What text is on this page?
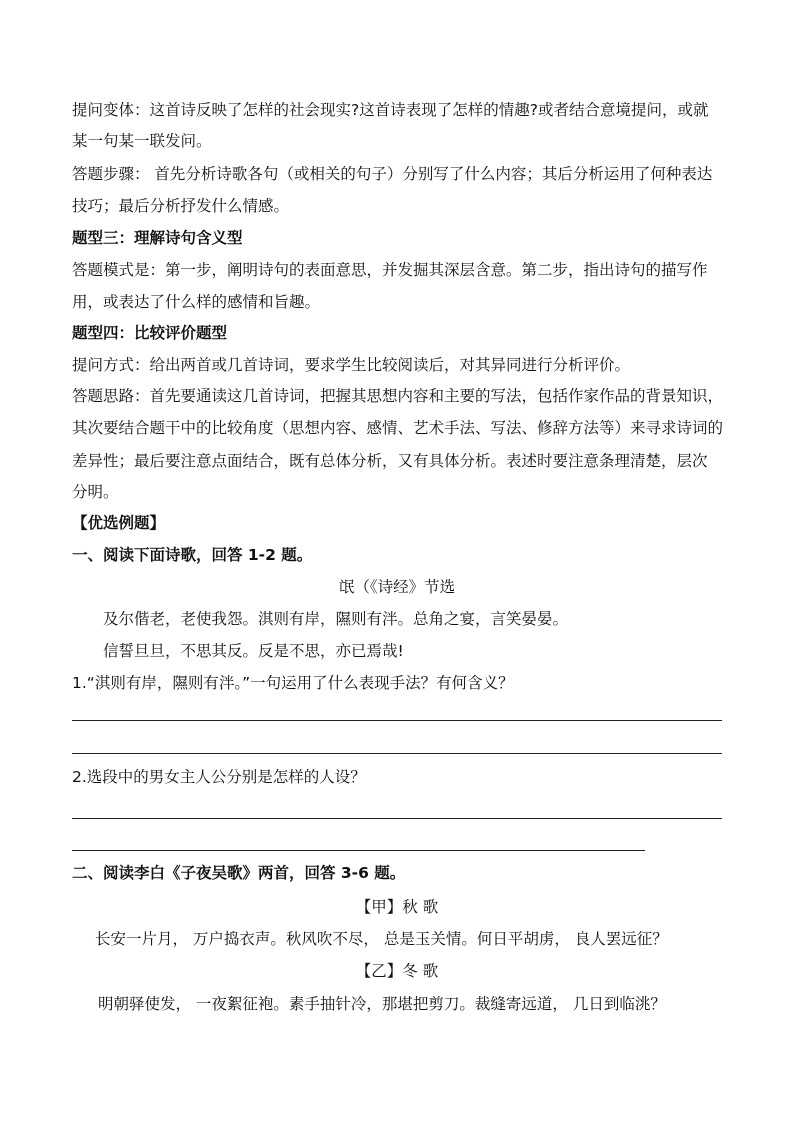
提问变体：这首诗反映了怎样的社会现实?这首诗表现了怎样的情趣?或者结合意境提问，或就
某一句某一联发问。
答题步骤： 首先分析诗歌各句（或相关的句子）分别写了什么内容；其后分析运用了何种表达
技巧；最后分析抒发什么情感。
题型三：理解诗句含义型
答题模式是：第一步，阐明诗句的表面意思，并发掘其深层含意。第二步，指出诗句的描写作
用，或表达了什么样的感情和旨趣。
题型四：比较评价题型
提问方式：给出两首或几首诗词，要求学生比较阅读后，对其异同进行分析评价。
答题思路：首先要通读这几首诗词，把握其思想内容和主要的写法，包括作家作品的背景知识，
其次要结合题干中的比较角度（思想内容、感情、艺术手法、写法、修辞方法等）来寻求诗词的
差异性；最后要注意点面结合，既有总体分析，又有具体分析。表述时要注意条理清楚，层次
分明。
【优选例题】
一、阅读下面诗歌，回答 1-2 题。
氓（《诗经》节选
及尔偕老，老使我怨。淇则有岸，隰则有泮。总角之宴，言笑晏晏。
信誓旦旦，不思其反。反是不思，亦已焉哉!
1.“淇则有岸，隰则有泮。”一句运用了什么表现手法？有何含义？
2.选段中的男女主人公分别是怎样的人设？
二、阅读李白《子夜吴歌》两首，回答 3-6 题。
【甲】秋 歌
长安一片月， 万户捣衣声。秋风吹不尽， 总是玉关情。何日平胡虏， 良人罢远征？
【乙】冬 歌
明朝驿使发， 一夜絮征袍。素手抽针冷，那堪把剪刀。裁缝寄远道， 几日到临洮？
